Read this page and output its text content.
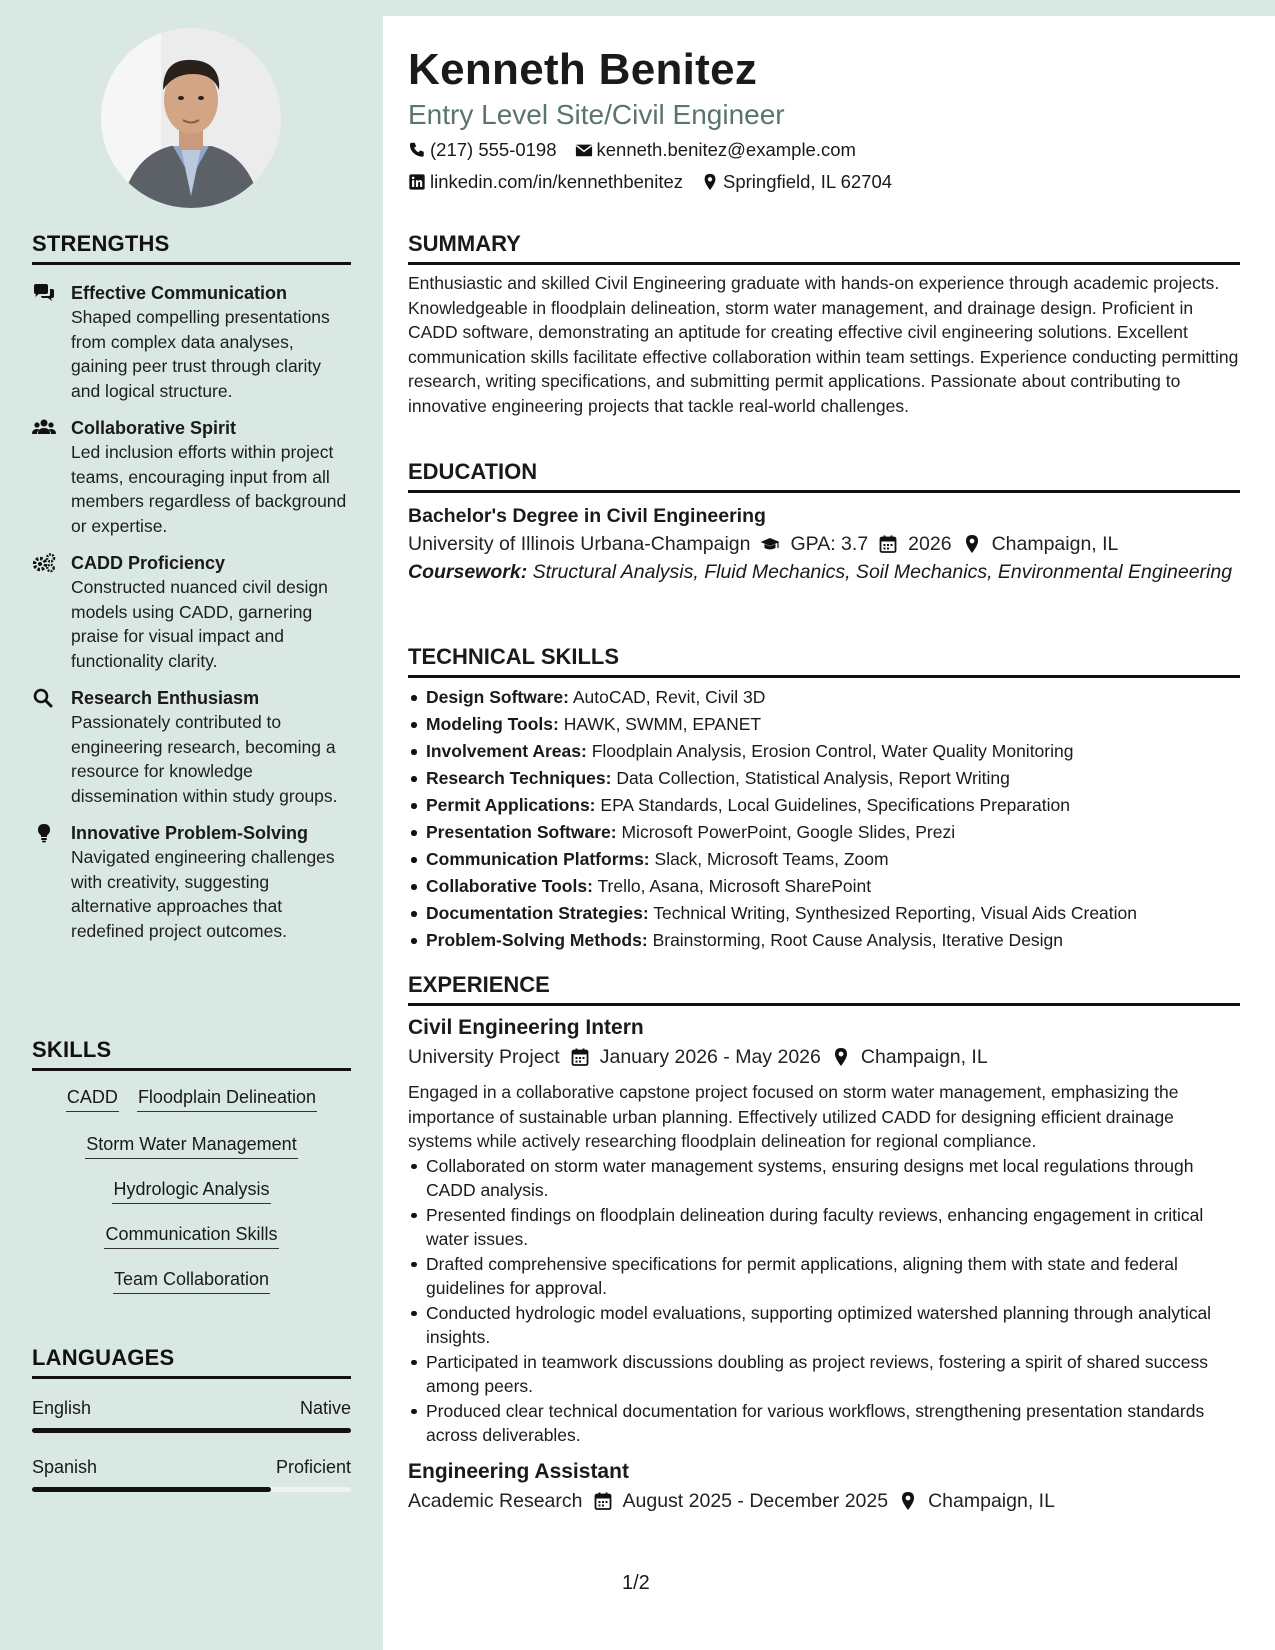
STRENGTHS
Effective Communication
Shaped compelling presentations from complex data analyses, gaining peer trust through clarity and logical structure.
Collaborative Spirit
Led inclusion efforts within project teams, encouraging input from all members regardless of background or expertise.
CADD Proficiency
Constructed nuanced civil design models using CADD, garnering praise for visual impact and functionality clarity.
Research Enthusiasm
Passionately contributed to engineering research, becoming a resource for knowledge dissemination within study groups.
Innovative Problem-Solving
Navigated engineering challenges with creativity, suggesting alternative approaches that redefined project outcomes.
SKILLS
CADD Floodplain Delineation
Storm Water Management
Hydrologic Analysis
Communication Skills
Team Collaboration
LANGUAGES
English	Native
Spanish	Proficient
Kenneth Benitez
Entry Level Site/Civil Engineer
(217) 555-0198 kenneth.benitez@example.com
linkedin.com/in/kennethbenitez Springfield, IL 62704
SUMMARY
Enthusiastic and skilled Civil Engineering graduate with hands-on experience through academic projects. Knowledgeable in floodplain delineation, storm water management, and drainage design. Proficient in CADD software, demonstrating an aptitude for creating effective civil engineering solutions. Excellent communication skills facilitate effective collaboration within team settings. Experience conducting permitting research, writing specifications, and submitting permit applications. Passionate about contributing to innovative engineering projects that tackle real-world challenges.
EDUCATION
Bachelor's Degree in Civil Engineering
University of Illinois Urbana-Champaign GPA: 3.7 2026 Champaign, IL
Coursework: Structural Analysis, Fluid Mechanics, Soil Mechanics, Environmental Engineering
TECHNICAL SKILLS
Design Software: AutoCAD, Revit, Civil 3D
Modeling Tools: HAWK, SWMM, EPANET
Involvement Areas: Floodplain Analysis, Erosion Control, Water Quality Monitoring
Research Techniques: Data Collection, Statistical Analysis, Report Writing
Permit Applications: EPA Standards, Local Guidelines, Specifications Preparation
Presentation Software: Microsoft PowerPoint, Google Slides, Prezi
Communication Platforms: Slack, Microsoft Teams, Zoom
Collaborative Tools: Trello, Asana, Microsoft SharePoint
Documentation Strategies: Technical Writing, Synthesized Reporting, Visual Aids Creation
Problem-Solving Methods: Brainstorming, Root Cause Analysis, Iterative Design
EXPERIENCE
Civil Engineering Intern
University Project January 2026 - May 2026 Champaign, IL
Engaged in a collaborative capstone project focused on storm water management, emphasizing the importance of sustainable urban planning. Effectively utilized CADD for designing efficient drainage systems while actively researching floodplain delineation for regional compliance.
Collaborated on storm water management systems, ensuring designs met local regulations through CADD analysis.
Presented findings on floodplain delineation during faculty reviews, enhancing engagement in critical water issues.
Drafted comprehensive specifications for permit applications, aligning them with state and federal guidelines for approval.
Conducted hydrologic model evaluations, supporting optimized watershed planning through analytical insights.
Participated in teamwork discussions doubling as project reviews, fostering a spirit of shared success among peers.
Produced clear technical documentation for various workflows, strengthening presentation standards across deliverables.
Engineering Assistant
Academic Research August 2025 - December 2025 Champaign, IL
1/2
